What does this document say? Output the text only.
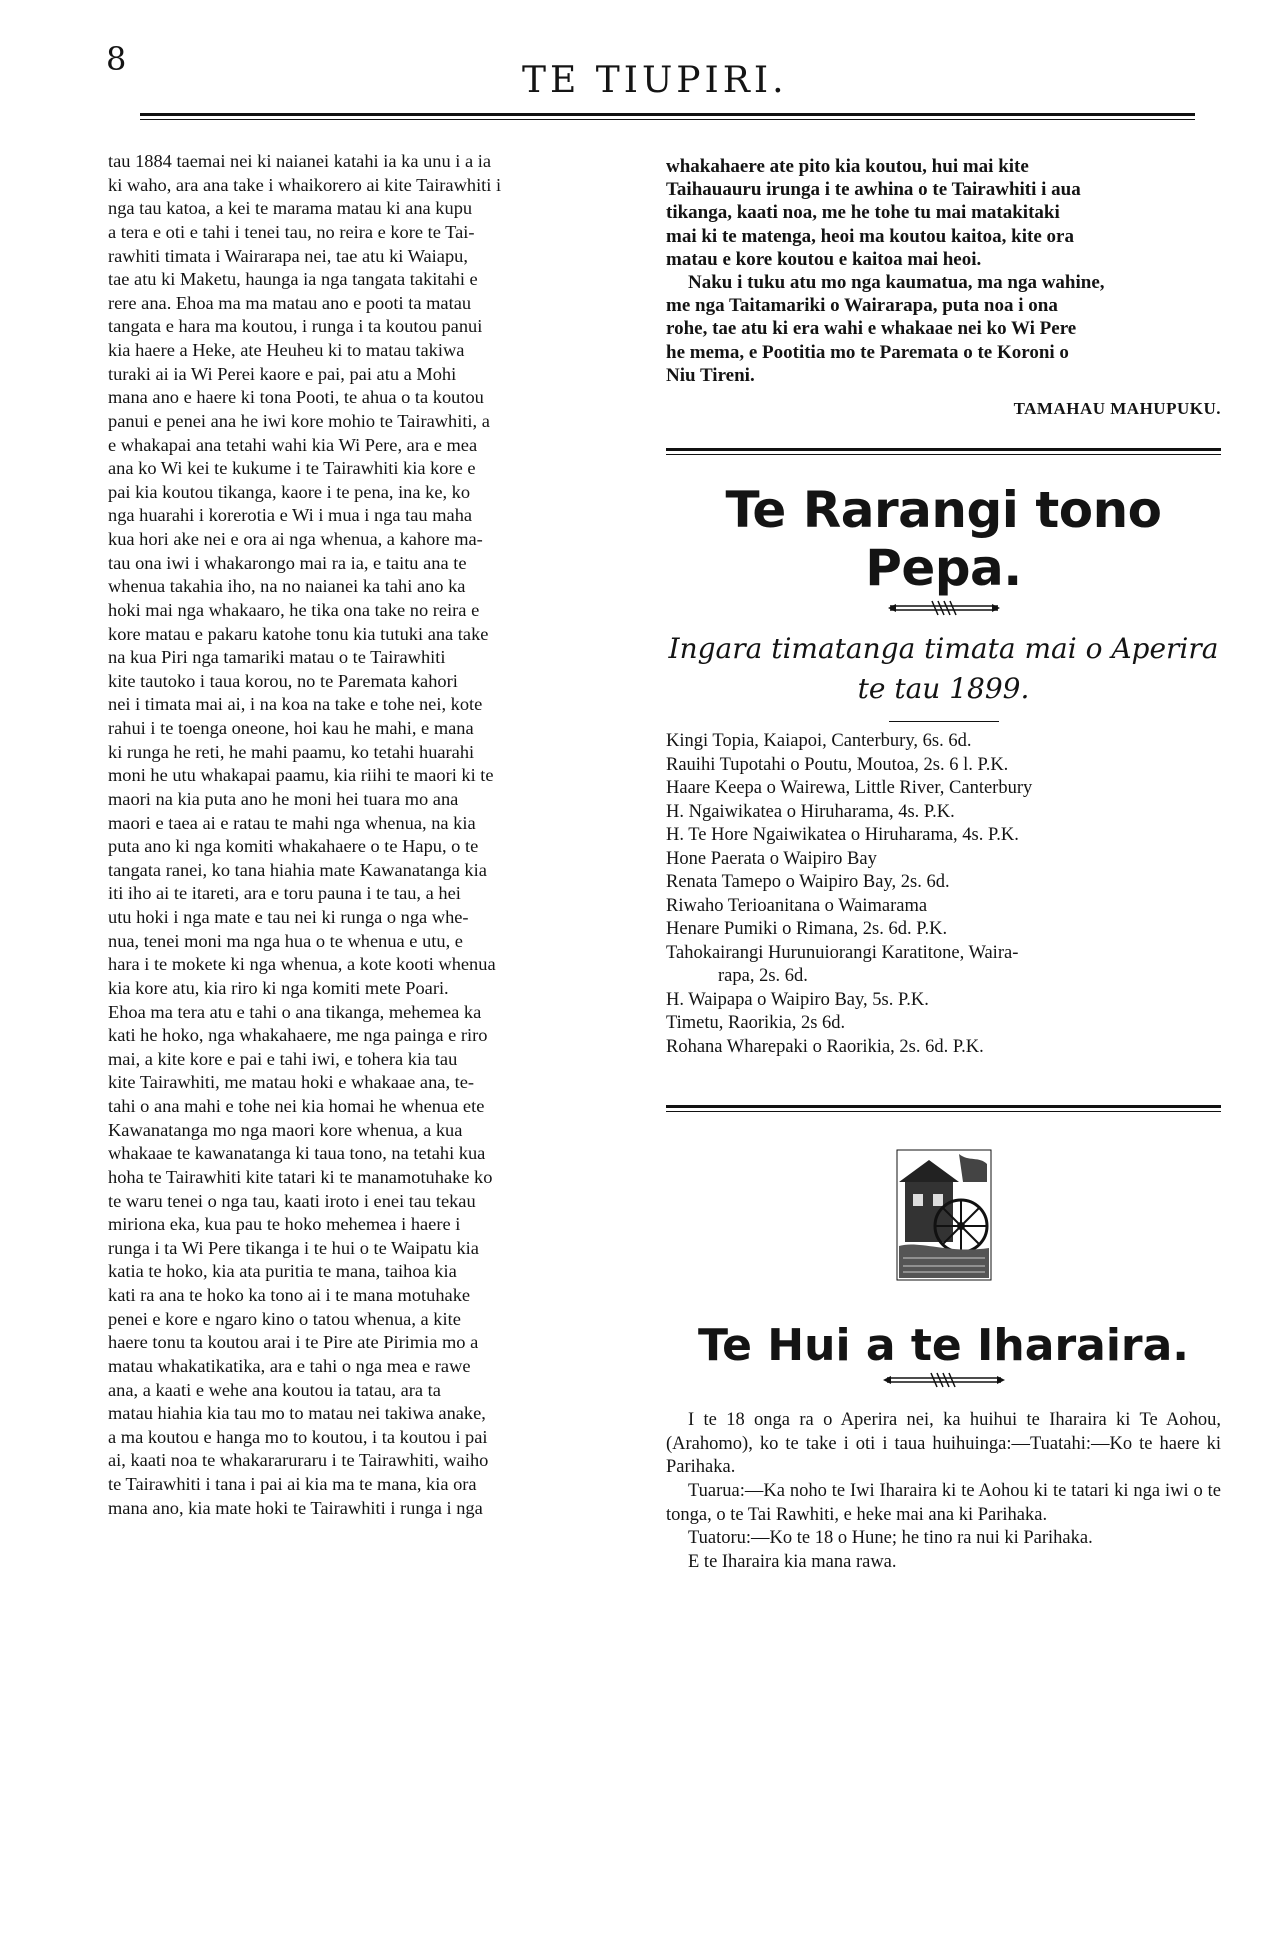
8
TE TIUPIRI.

tau 1884 taemai nei ki naianei katahi ia ka unu i a ia

ki waho, ara ana take i whaikorero ai kite Tairawhiti i

nga tau katoa, a kei te marama matau ki ana kupu

a tera e oti e tahi i tenei tau, no reira e kore te Tai-

rawhiti timata i Wairarapa nei, tae atu ki Waiapu,

tae atu ki Maketu, haunga ia nga tangata takitahi e

rere ana. Ehoa ma ma matau ano e pooti ta matau

tangata e hara ma koutou, i runga i ta koutou panui

kia haere a Heke, ate Heuheu ki to matau takiwa

turaki ai ia Wi Perei kaore e pai, pai atu a Mohi

mana ano e haere ki tona Pooti, te ahua o ta koutou

panui e penei ana he iwi kore mohio te Tairawhiti, a

e whakapai ana tetahi wahi kia Wi Pere, ara e mea

ana ko Wi kei te kukume i te Tairawhiti kia kore e

pai kia koutou tikanga, kaore i te pena, ina ke, ko

nga huarahi i korerotia e Wi i mua i nga tau maha

kua hori ake nei e ora ai nga whenua, a kahore ma-

tau ona iwi i whakarongo mai ra ia, e taitu ana te

whenua takahia iho, na no naianei ka tahi ano ka

hoki mai nga whakaaro, he tika ona take no reira e

kore matau e pakaru katohe tonu kia tutuki ana take

na kua Piri nga tamariki matau o te Tairawhiti

kite tautoko i taua korou, no te Paremata kahori

nei i timata mai ai, i na koa na take e tohe nei, kote

rahui i te toenga oneone, hoi kau he mahi, e mana

ki runga he reti, he mahi paamu, ko tetahi huarahi

moni he utu whakapai paamu, kia riihi te maori ki te

maori na kia puta ano he moni hei tuara mo ana

maori e taea ai e ratau te mahi nga whenua, na kia

puta ano ki nga komiti whakahaere o te Hapu, o te

tangata ranei, ko tana hiahia mate Kawanatanga kia

iti iho ai te itareti, ara e toru pauna i te tau, a hei

utu hoki i nga mate e tau nei ki runga o nga whe-

nua, tenei moni ma nga hua o te whenua e utu, e

hara i te mokete ki nga whenua, a kote kooti whenua

kia kore atu, kia riro ki nga komiti mete Poari.

Ehoa ma tera atu e tahi o ana tikanga, mehemea ka

kati he hoko, nga whakahaere, me nga painga e riro

mai, a kite kore e pai e tahi iwi, e tohera kia tau

kite Tairawhiti, me matau hoki e whakaae ana, te-

tahi o ana mahi e tohe nei kia homai he whenua ete

Kawanatanga mo nga maori kore whenua, a kua

whakaae te kawanatanga ki taua tono, na tetahi kua

hoha te Tairawhiti kite tatari ki te manamotuhake ko

te waru tenei o nga tau, kaati iroto i enei tau tekau

miriona eka, kua pau te hoko mehemea i haere i

runga i ta Wi Pere tikanga i te hui o te Waipatu kia

katia te hoko, kia ata puritia te mana, taihoa kia

kati ra ana te hoko ka tono ai i te mana motuhake

penei e kore e ngaro kino o tatou whenua, a kite

haere tonu ta koutou arai i te Pire ate Pirimia mo a

matau whakatikatika, ara e tahi o nga mea e rawe

ana, a kaati e wehe ana koutou ia tatau, ara ta

matau hiahia kia tau mo to matau nei takiwa anake,

a ma koutou e hanga mo to koutou, i ta koutou i pai

ai, kaati noa te whakararuraru i te Tairawhiti, waiho

te Tairawhiti i tana i pai ai kia ma te mana, kia ora

mana ano, kia mate hoki te Tairawhiti i runga i nga

whakahaere ate pito kia koutou, hui mai kite

Taihauauru irunga i te awhina o te Tairawhiti i aua

tikanga, kaati noa, me he tohe tu mai matakitaki

mai ki te matenga, heoi ma koutou kaitoa, kite ora

matau e kore koutou e kaitoa mai heoi.

Naku i tuku atu mo nga kaumatua, ma nga wahine,

me nga Taitamariki o Wairarapa, puta noa i ona

rohe, tae atu ki era wahi e whakaae nei ko Wi Pere

he mema, e Pootitia mo te Paremata o te Koroni o

Niu Tireni.

TAMAHAU MAHUPUKU.
Te Rarangi tono Pepa.
Ingara timatanga timata mai o Aperira
te tau 1899.
Kingi Topia, Kaiapoi, Canterbury, 6s. 6d.
Rauihi Tupotahi o Poutu, Moutoa, 2s. 6 l. P.K.
Haare Keepa o Wairewa, Little River, Canterbury
H. Ngaiwikatea o Hiruharama, 4s. P.K.
H. Te Hore Ngaiwikatea o Hiruharama, 4s. P.K.
Hone Paerata o Waipiro Bay
Renata Tamepo o Waipiro Bay, 2s. 6d.
Riwaho Terioanitana o Waimarama
Henare Pumiki o Rimana, 2s. 6d. P.K.
Tahokairangi Hurunuiorangi Karatitone, Waira-
rapa, 2s. 6d.
H. Waipapa o Waipiro Bay, 5s. P.K.
Timetu, Raorikia, 2s 6d.
Rohana Wharepaki o Raorikia, 2s. 6d. P.K.
Te Hui a te Iharaira.

I te 18 onga ra o Aperira nei, ka huihui te Iharaira ki Te Aohou, (Arahomo), ko te take i oti i taua huihuinga:—Tuatahi:—Ko te haere ki Parihaka.

Tuarua:—Ka noho te Iwi Iharaira ki te Aohou ki te tatari ki nga iwi o te tonga, o te Tai Rawhiti, e heke mai ana ki Parihaka.

Tuatoru:—Ko te 18 o Hune; he tino ra nui ki Parihaka.

E te Iharaira kia mana rawa.
